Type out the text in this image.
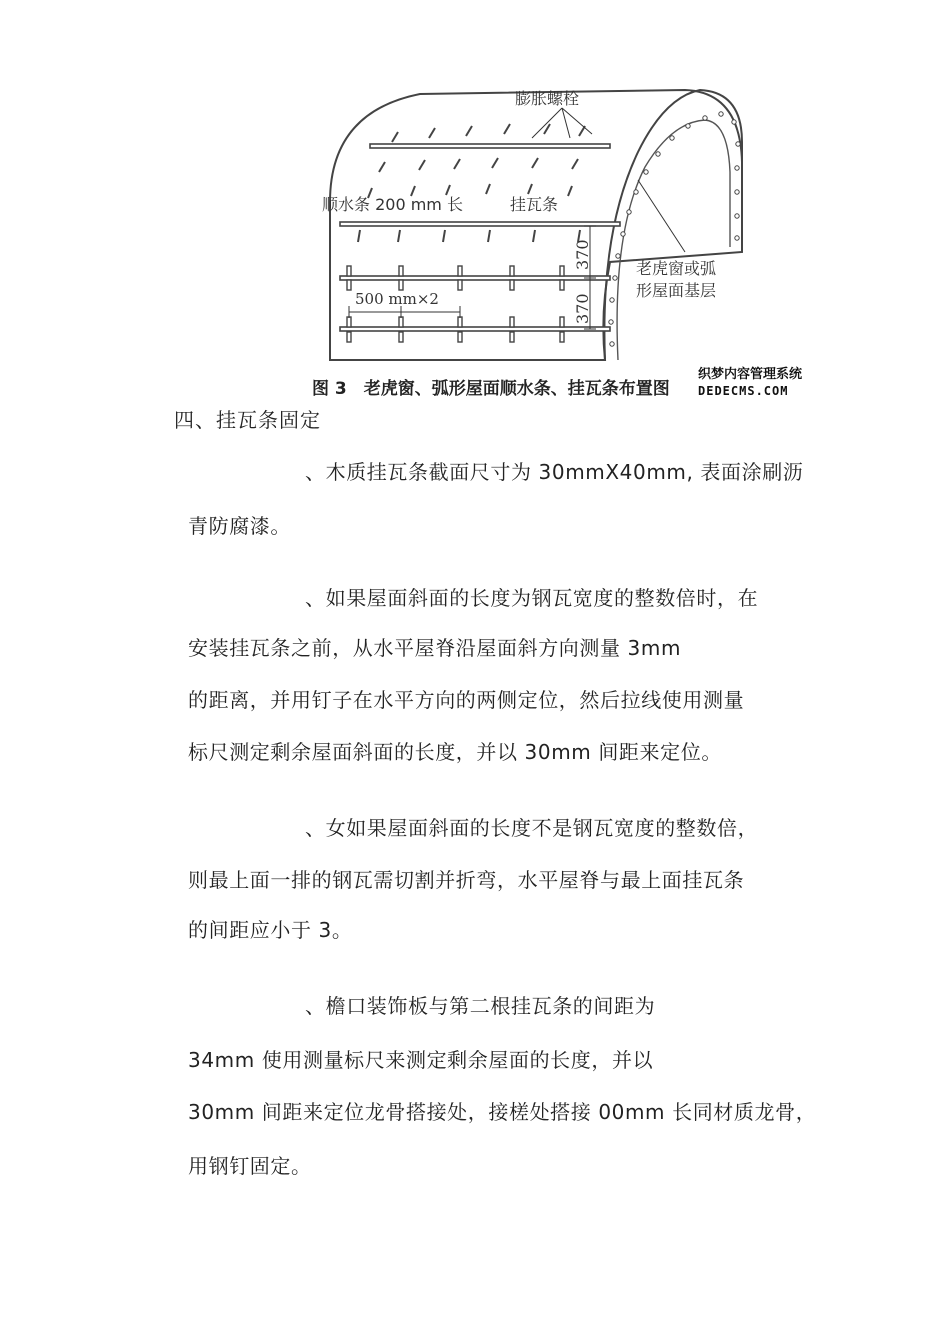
膨胀螺栓
顺水条 200 mm 长	挂瓦条
500 mm×2
370
370
老虎窗或弧
形屋面基层
图 3　老虎窗、弧形屋面顺水条、挂瓦条布置图
织梦内容管理系统
DEDECMS.COM
四、挂瓦条固定
、木质挂瓦条截面尺寸为 30mmX40mm, 表面涂刷沥
青防腐漆。
、如果屋面斜面的长度为钢瓦宽度的整数倍时，在
安装挂瓦条之前，从水平屋脊沿屋面斜方向测量 3mm
的距离，并用钉子在水平方向的两侧定位，然后拉线使用测量
标尺测定剩余屋面斜面的长度，并以 30mm 间距来定位。
、女如果屋面斜面的长度不是钢瓦宽度的整数倍，
则最上面一排的钢瓦需切割并折弯，水平屋脊与最上面挂瓦条
的间距应小于 3。
、檐口装饰板与第二根挂瓦条的间距为
34mm 使用测量标尺来测定剩余屋面的长度，并以
30mm 间距来定位龙骨搭接处，接槎处搭接 00mm 长同材质龙骨，
用钢钉固定。
